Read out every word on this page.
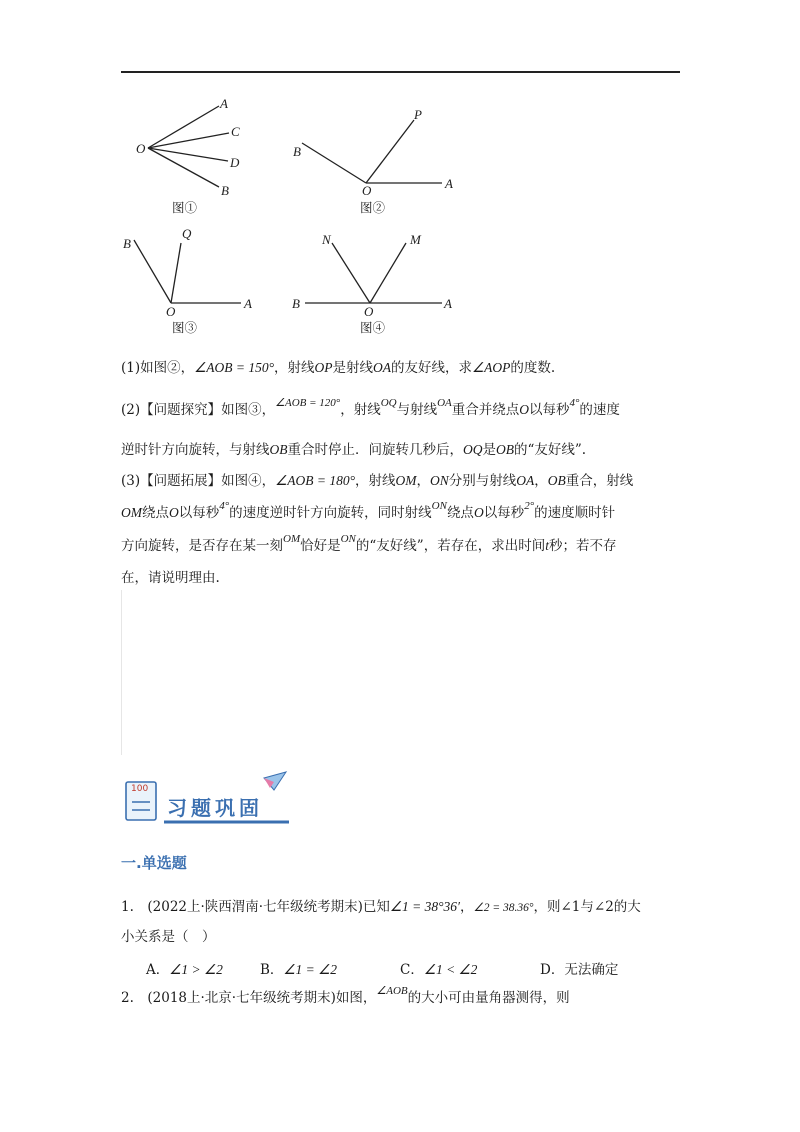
O
A
C
D
B
图①
P
B
O	A
图②
B
Q
O
A
图③
N	M
B
O
A
图④
(1)如图②，∠AOB = 150°，射线OP是射线OA的友好线，求∠AOP的度数.
(2)【问题探究】如图③，$^{\angle AOB = 120^\circ}$，射线$^{OQ}$与射线$^{OA}$重合并绕点O以每秒$^{4^\circ}$的速度
逆时针方向旋转，与射线OB重合时停止．问旋转几秒后，OQ是OB的“友好线”.
(3)【问题拓展】如图④，∠AOB = 180°，射线OM，ON分别与射线OA，OB重合，射线
OM绕点O以每秒$^{4^\circ}$的速度逆时针方向旋转，同时射线$^{ON}$绕点O以每秒$^{2^\circ}$的速度顺时针
方向旋转，是否存在某一刻$^{OM}$恰好是$^{ON}$的“友好线”，若存在，求出时间t秒；若不存
在，请说明理由.
100
习题巩固
一.单选题
1.　(2022上·陕西渭南·七年级统考期末)已知∠1 = 38°36′，∠2 = 38.36°，则∠1与∠2的大
小关系是（　）
A．∠1 > ∠2	B．∠1 = ∠2	C．∠1 < ∠2	D．无法确定
2.　(2018上·北京·七年级统考期末)如图，$^{\angle AOB}$的大小可由量角器测得，则
